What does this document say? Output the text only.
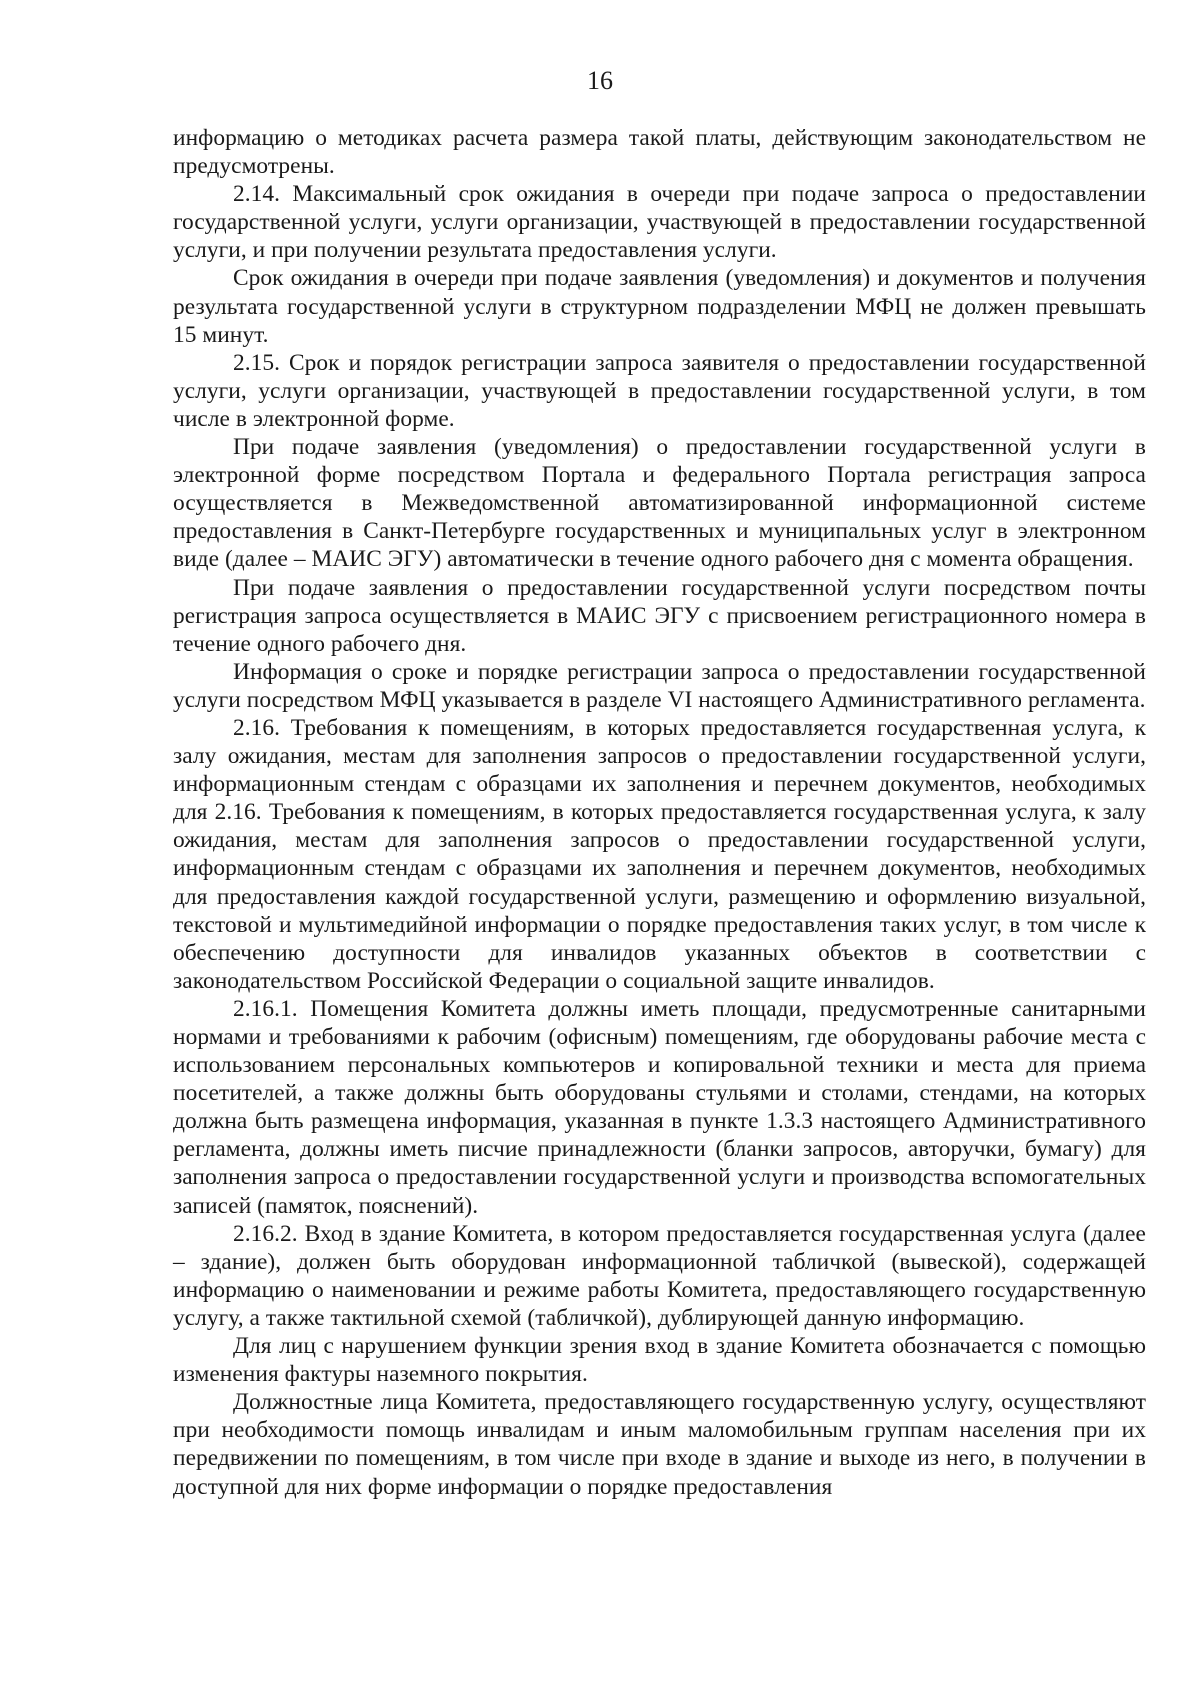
16

информацию о методиках расчета размера такой платы, действующим законодательством не предусмотрены.

2.14. Максимальный срок ожидания в очереди при подаче запроса о предоставлении государственной услуги, услуги организации, участвующей в предоставлении государственной услуги, и при получении результата предоставления услуги.

Срок ожидания в очереди при подаче заявления (уведомления) и документов и получения результата государственной услуги в структурном подразделении МФЦ не должен превышать 15 минут.

2.15. Срок и порядок регистрации запроса заявителя о предоставлении государственной услуги, услуги организации, участвующей в предоставлении государственной услуги, в том числе в электронной форме.

При подаче заявления (уведомления) о предоставлении государственной услуги в электронной форме посредством Портала и федерального Портала регистрация запроса осуществляется в Межведомственной автоматизированной информационной системе предоставления в Санкт-Петербурге государственных и муниципальных услуг в электронном виде (далее – МАИС ЭГУ) автоматически в течение одного рабочего дня с момента обращения.

При подаче заявления о предоставлении государственной услуги посредством почты регистрация запроса осуществляется в МАИС ЭГУ с присвоением регистрационного номера в течение одного рабочего дня.

Информация о сроке и порядке регистрации запроса о предоставлении государственной услуги посредством МФЦ указывается в разделе VI настоящего Административного регламента.

2.16. Требования к помещениям, в которых предоставляется государственная услуга, к залу ожидания, местам для заполнения запросов о предоставлении государственной услуги, информационным стендам с образцами их заполнения и перечнем документов, необходимых для 2.16. Требования к помещениям, в которых предоставляется государственная услуга, к залу ожидания, местам для заполнения запросов о предоставлении государственной услуги, информационным стендам с образцами их заполнения и перечнем документов, необходимых для предоставления каждой государственной услуги, размещению и оформлению визуальной, текстовой и мультимедийной информации о порядке предоставления таких услуг, в том числе к обеспечению доступности для инвалидов указанных объектов в соответствии с законодательством Российской Федерации о социальной защите инвалидов.

2.16.1. Помещения Комитета должны иметь площади, предусмотренные санитарными нормами и требованиями к рабочим (офисным) помещениям, где оборудованы рабочие места с использованием персональных компьютеров и копировальной техники и места для приема посетителей, а также должны быть оборудованы стульями и столами, стендами, на которых должна быть размещена информация, указанная в пункте 1.3.3 настоящего Административного регламента, должны иметь писчие принадлежности (бланки запросов, авторучки, бумагу) для заполнения запроса о предоставлении государственной услуги и производства вспомогательных записей (памяток, пояснений).

2.16.2. Вход в здание Комитета, в котором предоставляется государственная услуга (далее – здание), должен быть оборудован информационной табличкой (вывеской), содержащей информацию о наименовании и режиме работы Комитета, предоставляющего государственную услугу, а также тактильной схемой (табличкой), дублирующей данную информацию.

Для лиц с нарушением функции зрения вход в здание Комитета обозначается с помощью изменения фактуры наземного покрытия.

Должностные лица Комитета, предоставляющего государственную услугу, осуществляют при необходимости помощь инвалидам и иным маломобильным группам населения при их передвижении по помещениям, в том числе при входе в здание и выходе из него, в получении в доступной для них форме информации о порядке предоставления
